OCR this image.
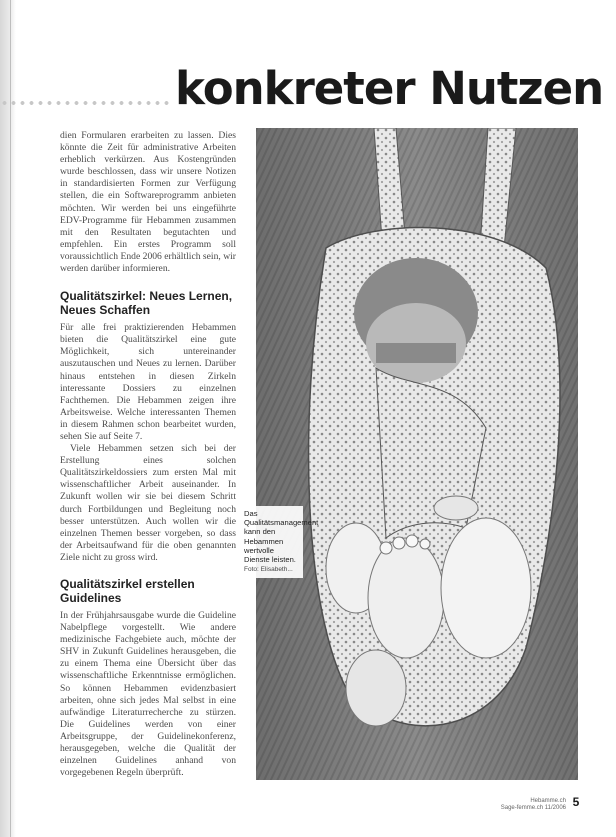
konkreter Nutzen

dien Formularen erarbeiten zu lassen. Dies könnte die Zeit für administrative Arbeiten erheblich verkürzen. Aus Kostengründen wurde beschlossen, dass wir unsere Notizen in standardisierten Formen zur Verfügung stellen, die ein Softwareprogramm anbieten möchten. Wir werden bei uns eingeführte EDV-Programme für Hebammen zusammen mit den Resultaten begutachten und empfehlen. Ein erstes Programm soll voraussichtlich Ende 2006 erhältlich sein, wir werden darüber informieren.

Qualitätszirkel: Neues Lernen, Neues Schaffen

Für alle frei praktizierenden Hebammen bieten die Qualitätszirkel eine gute Möglichkeit, sich untereinander auszutauschen und Neues zu lernen. Darüber hinaus entstehen in diesen Zirkeln interessante Dossiers zu einzelnen Fachthemen. Die Hebammen zeigen ihre Arbeitsweise. Welche interessanten Themen in diesem Rahmen schon bearbeitet wurden, sehen Sie auf Seite 7.

Viele Hebammen setzen sich bei der Erstellung eines solchen Qualitätszirkeldossiers zum ersten Mal mit wissenschaftlicher Arbeit auseinander. In Zukunft wollen wir sie bei diesem Schritt durch Fortbildungen und Begleitung noch besser unterstützen. Auch wollen wir die einzelnen Themen besser vorgeben, so dass der Arbeitsaufwand für die oben genannten Ziele nicht zu gross wird.

Qualitätszirkel erstellen Guidelines

In der Frühjahrsausgabe wurde die Guideline Nabelpflege vorgestellt. Wie andere medizinische Fachgebiete auch, möchte der SHV in Zukunft Guidelines herausgeben, die zu einem Thema eine Übersicht über das wissenschaftliche Erkenntnisse ermöglichen. So können Hebammen evidenzbasiert arbeiten, ohne sich jedes Mal selbst in eine aufwändige Literaturrecherche zu stürzen. Die Guidelines werden von einer Arbeitsgruppe, der Guidelinekonferenz, herausgegeben, welche die Qualität der einzelnen Guidelines anhand von vorgegebenen Regeln überprüft.

Das Qualitätsmanagement kann den Hebammen wertvolle Dienste leisten. Foto: Elisabeth...
Hebamme.ch
Sage-femme.ch 11/2006 5
